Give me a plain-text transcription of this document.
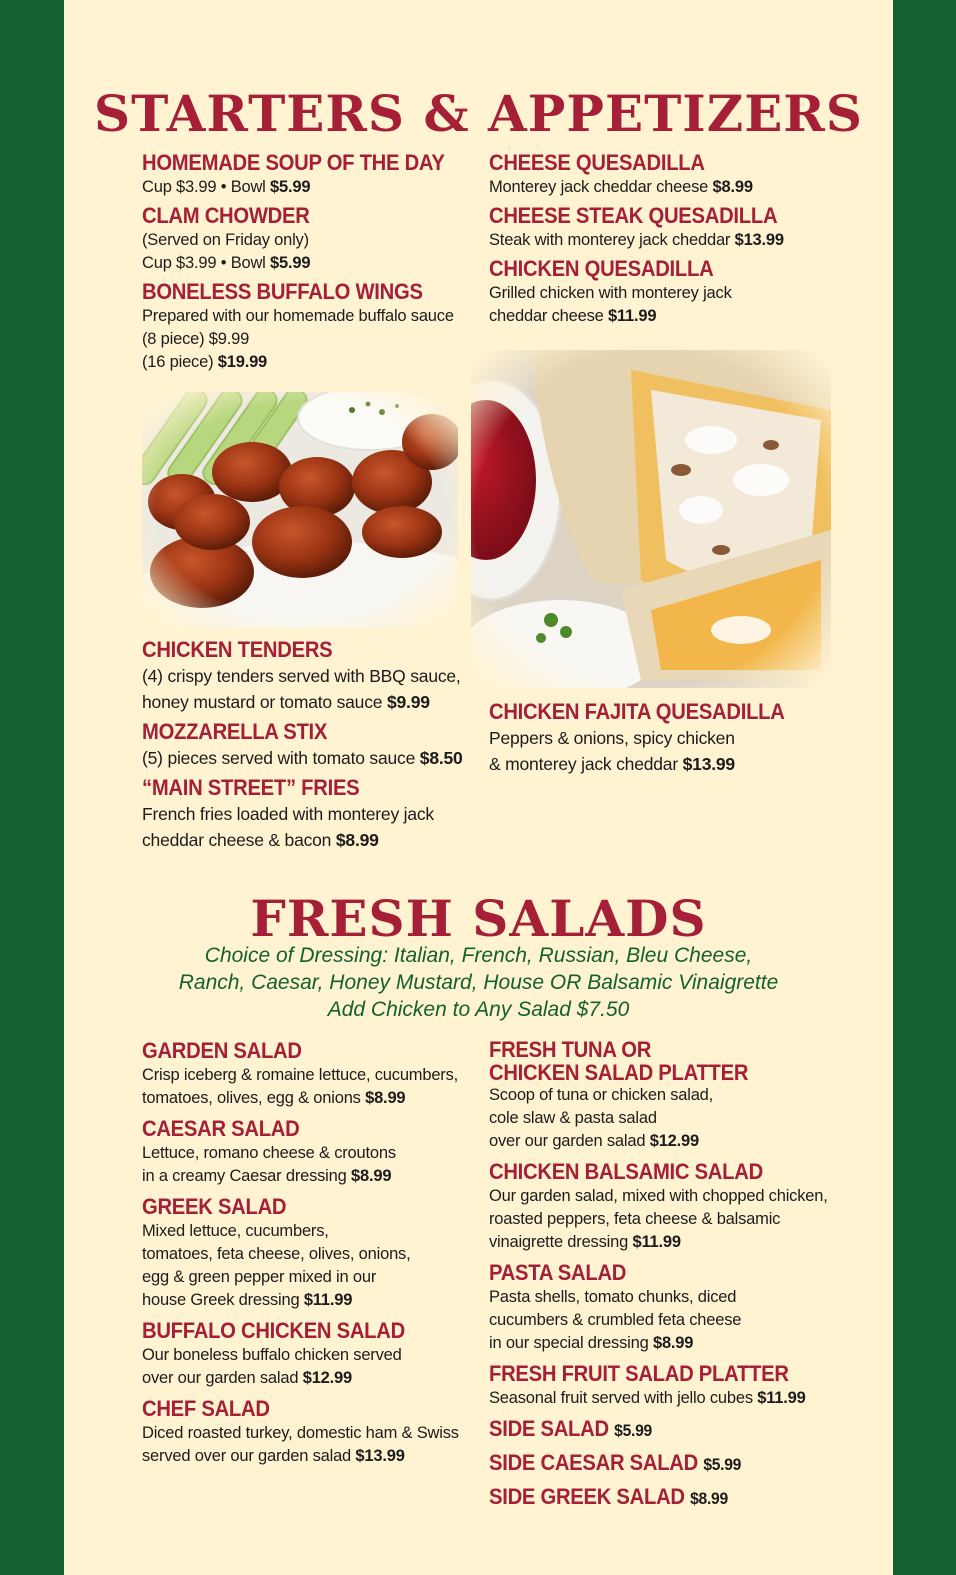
STARTERS & APPETIZERS
HOMEMADE SOUP OF THE DAY
Cup $3.99 • Bowl $5.99
CLAM CHOWDER
(Served on Friday only)
Cup $3.99 • Bowl $5.99
BONELESS BUFFALO WINGS
Prepared with our homemade buffalo sauce
(8 piece) $9.99
(16 piece) $19.99
CHEESE QUESADILLA
Monterey jack cheddar cheese $8.99
CHEESE STEAK QUESADILLA
Steak with monterey jack cheddar $13.99
CHICKEN QUESADILLA
Grilled chicken with monterey jack
cheddar cheese $11.99
CHICKEN TENDERS
(4) crispy tenders served with BBQ sauce,
honey mustard or tomato sauce $9.99
MOZZARELLA STIX
(5) pieces served with tomato sauce $8.50
“MAIN STREET” FRIES
French fries loaded with monterey jack
cheddar cheese & bacon $8.99
CHICKEN FAJITA QUESADILLA
Peppers & onions, spicy chicken
& monterey jack cheddar $13.99
FRESH SALADS

Choice of Dressing: Italian, French, Russian, Bleu Cheese,
Ranch, Caesar, Honey Mustard, House OR Balsamic Vinaigrette
Add Chicken to Any Salad $7.50

GARDEN SALAD
Crisp iceberg & romaine lettuce, cucumbers,
tomatoes, olives, egg & onions $8.99
CAESAR SALAD
Lettuce, romano cheese & croutons
in a creamy Caesar dressing $8.99
GREEK SALAD
Mixed lettuce, cucumbers,
tomatoes, feta cheese, olives, onions,
egg & green pepper mixed in our
house Greek dressing $11.99
BUFFALO CHICKEN SALAD
Our boneless buffalo chicken served
over our garden salad $12.99
CHEF SALAD
Diced roasted turkey, domestic ham & Swiss
served over our garden salad $13.99
FRESH TUNA OR
CHICKEN SALAD PLATTER
Scoop of tuna or chicken salad,
cole slaw & pasta salad
over our garden salad $12.99
CHICKEN BALSAMIC SALAD
Our garden salad, mixed with chopped chicken,
roasted peppers, feta cheese & balsamic
vinaigrette dressing $11.99
PASTA SALAD
Pasta shells, tomato chunks, diced
cucumbers & crumbled feta cheese
in our special dressing $8.99
FRESH FRUIT SALAD PLATTER
Seasonal fruit served with jello cubes $11.99
SIDE SALAD $5.99
SIDE CAESAR SALAD $5.99
SIDE GREEK SALAD $8.99
